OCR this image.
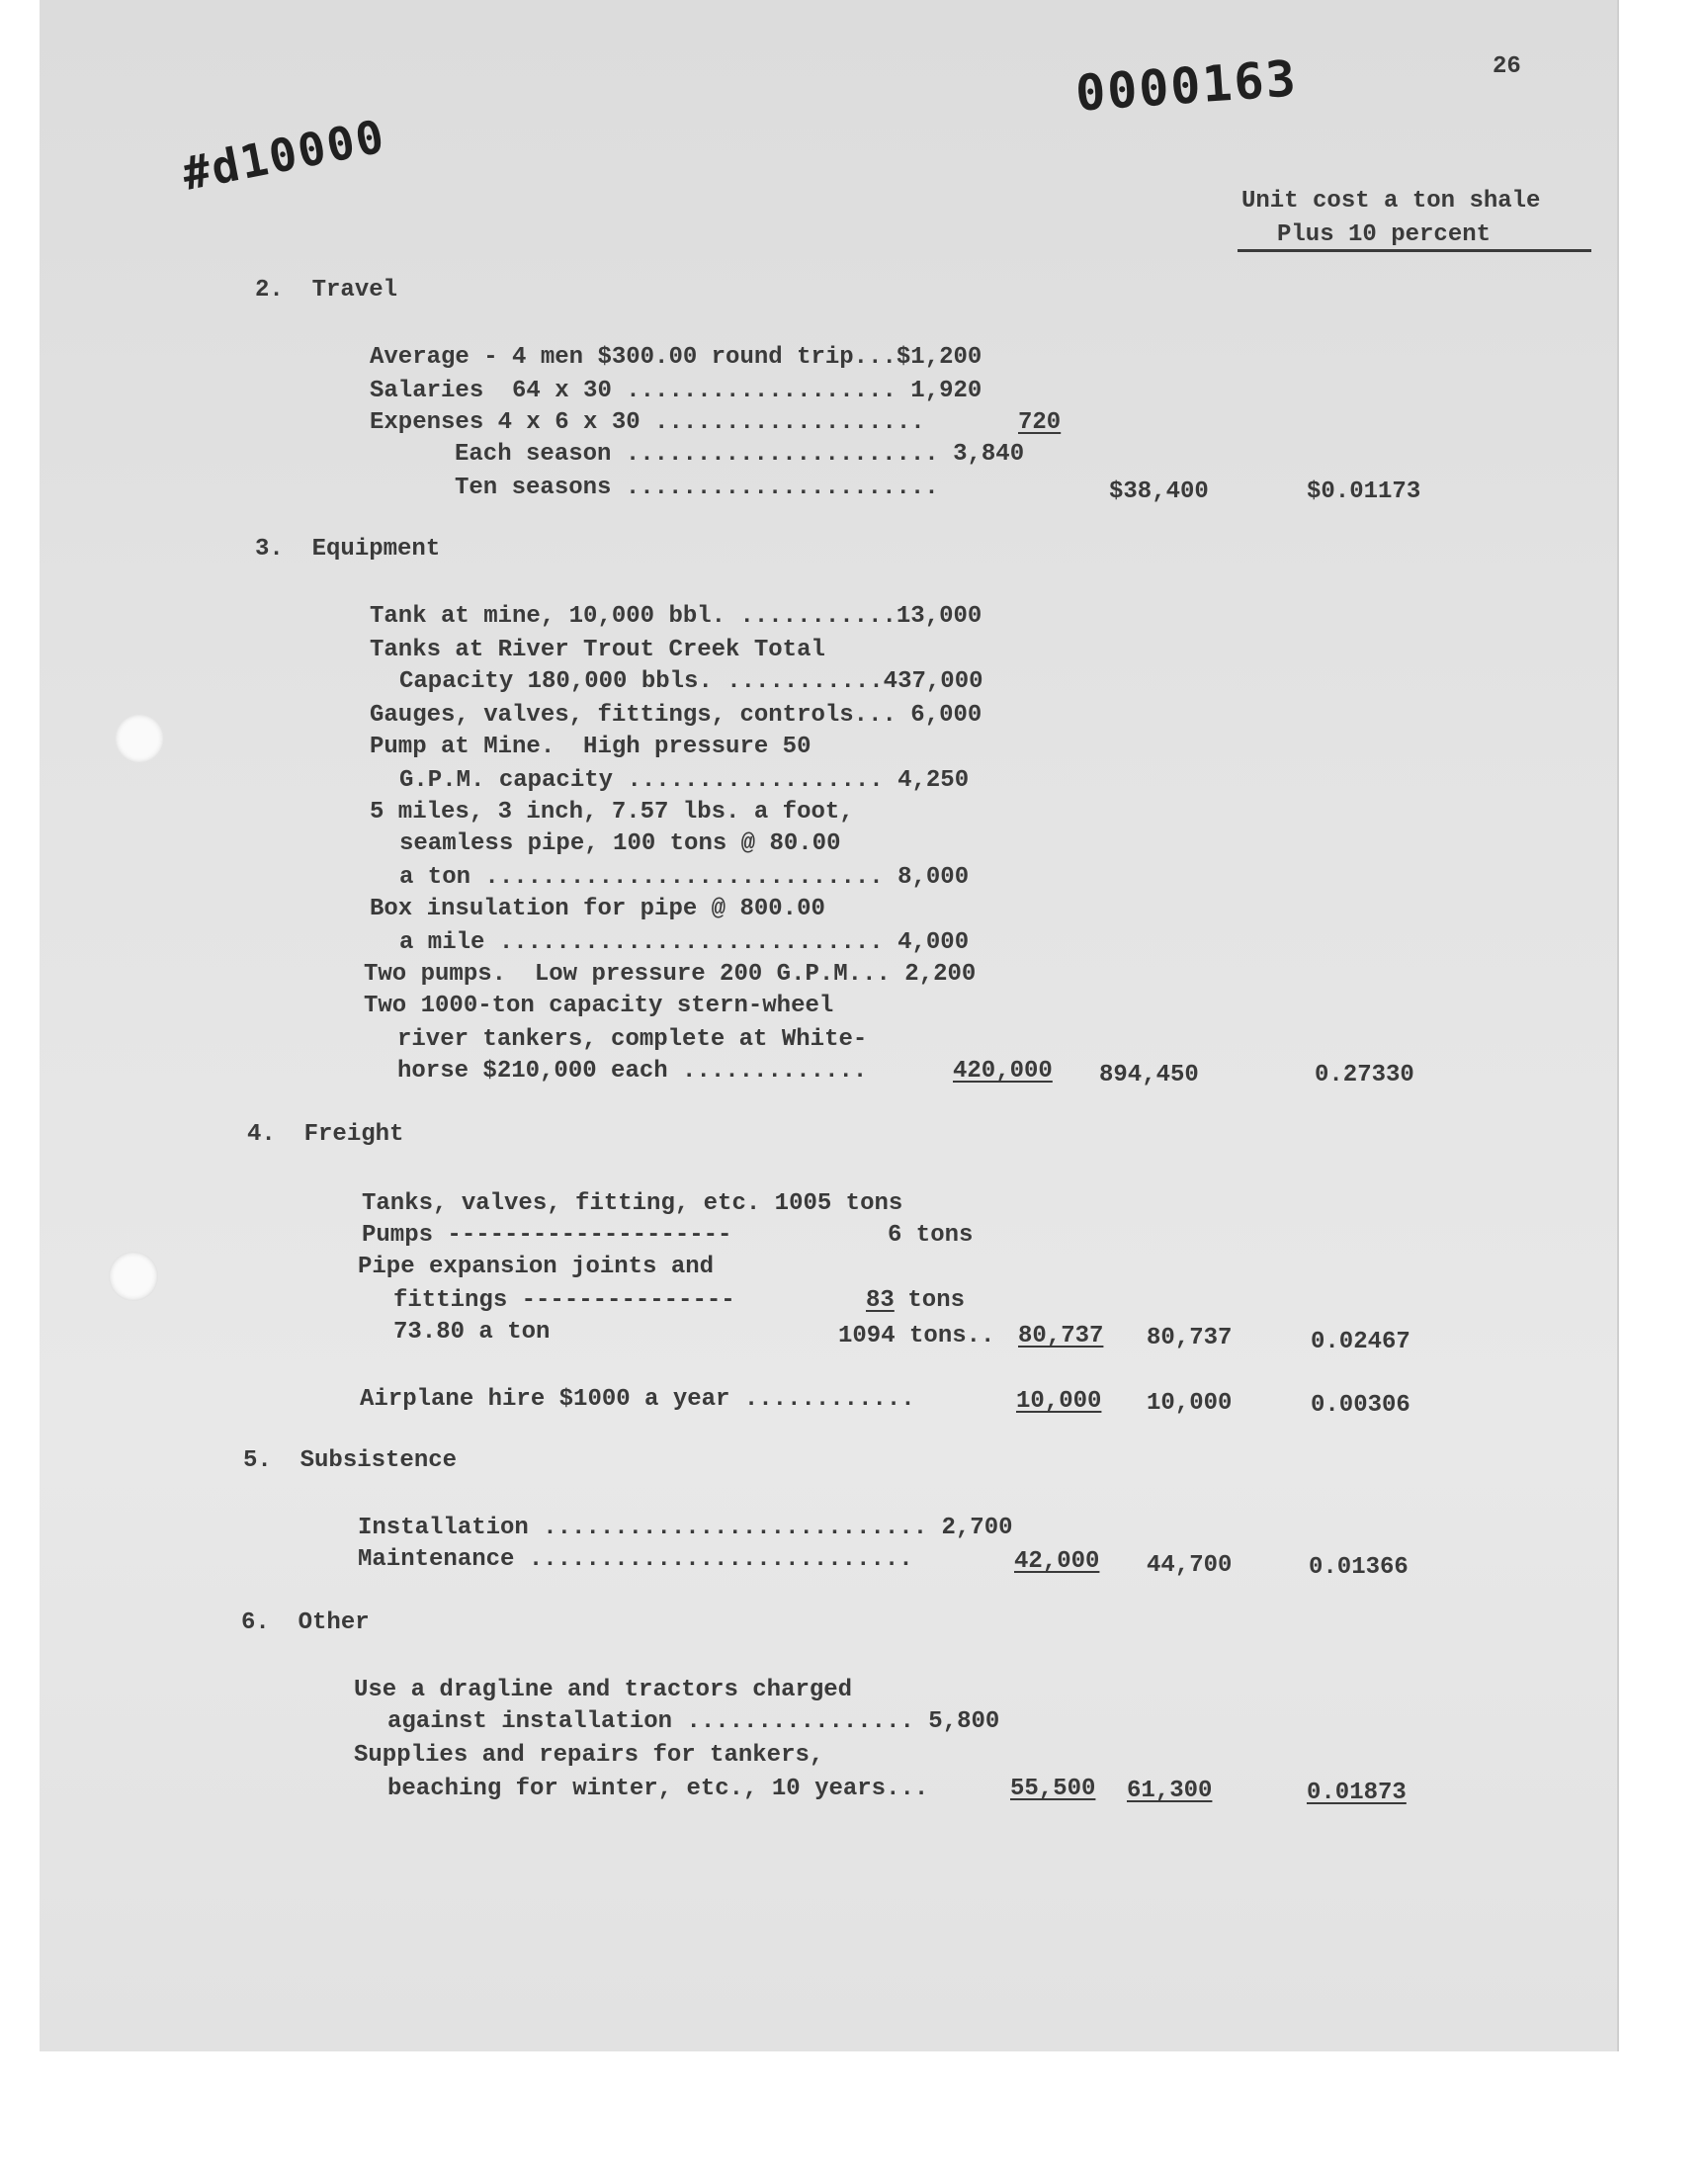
0000163
#d10000
26
Unit cost a ton shale
Plus 10 percent
2.  Travel
Average - 4 men $300.00 round trip...$1,200
Salaries  64 x 30 ................... 1,920
Expenses 4 x 6 x 30 ...................	720
Each season ...................... 3,840
Ten seasons ......................	$38,400	$0.01173
3.  Equipment
Tank at mine, 10,000 bbl. ...........13,000
Tanks at River Trout Creek Total
Capacity 180,000 bbls. ...........437,000
Gauges, valves, fittings, controls... 6,000
Pump at Mine.  High pressure 50
G.P.M. capacity .................. 4,250
5 miles, 3 inch, 7.57 lbs. a foot,
seamless pipe, 100 tons @ 80.00
a ton ............................ 8,000
Box insulation for pipe @ 800.00
a mile ........................... 4,000
Two pumps.  Low pressure 200 G.P.M... 2,200
Two 1000-ton capacity stern-wheel
river tankers, complete at White-
horse $210,000 each .............	420,000 894,450	0.27330
4.  Freight
Tanks, valves, fitting, etc. 1005 tons
Pumps --------------------	6 tons
Pipe expansion joints and
fittings ---------------	83 tons
73.80 a ton	1094 tons.. 80,737 80,737	0.02467
Airplane hire $1000 a year ............	10,000 10,000	0.00306
5.  Subsistence
Installation ........................... 2,700
Maintenance ...........................	42,000 44,700	0.01366
6.  Other
Use a dragline and tractors charged
against installation ................ 5,800
Supplies and repairs for tankers,
beaching for winter, etc., 10 years...	55,500 61,300	0.01873
